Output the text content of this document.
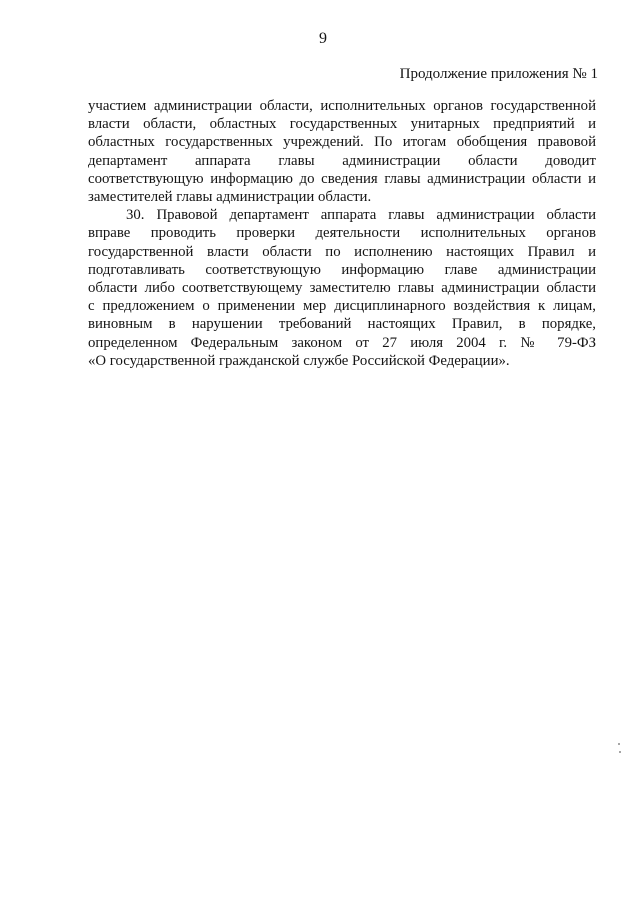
9
Продолжение приложения № 1

участием администрации области, исполнительных органов государственной
власти области, областных государственных унитарных предприятий и
областных государственных учреждений. По итогам обобщения правовой
департамент аппарата главы администрации области доводит
соответствующую информацию до сведения главы администрации области и
заместителей главы администрации области.

30. Правовой департамент аппарата главы администрации области
вправе проводить проверки деятельности исполнительных органов
государственной власти области по исполнению настоящих Правил и
подготавливать соответствующую информацию главе администрации
области либо соответствующему заместителю главы администрации области
с предложением о применении мер дисциплинарного воздействия к лицам,
виновным в нарушении требований настоящих Правил, в порядке,
определенном Федеральным законом от 27 июля 2004 г. № 79-ФЗ
«О государственной гражданской службе Российской Федерации».
